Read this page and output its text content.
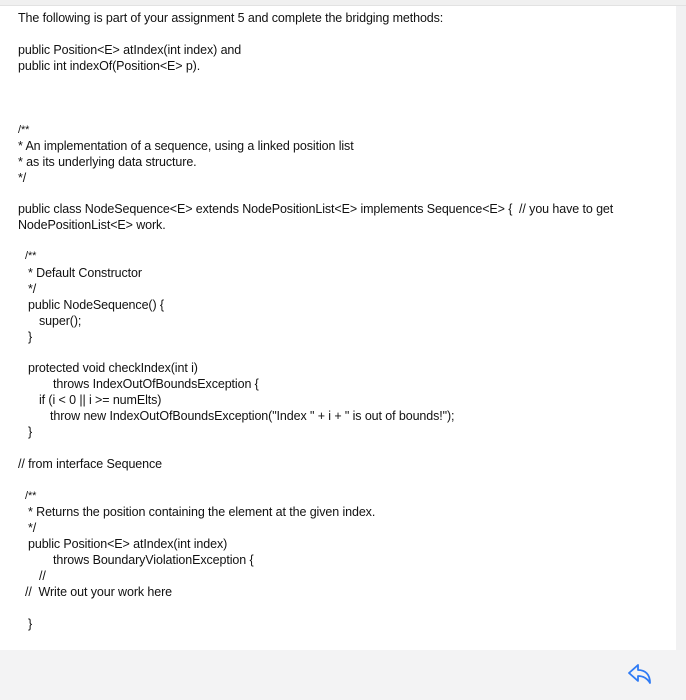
The following is part of your assignment 5 and complete the bridging methods:
public Position<E> atIndex(int index) and
public int indexOf(Position<E> p).
/**
* An implementation of a sequence, using a linked position list
* as its underlying data structure.
*/
public class NodeSequence<E> extends NodePositionList<E> implements Sequence<E> {  // you have to get
NodePositionList<E> work.
/**
* Default Constructor
*/
public NodeSequence() {
super();
}
protected void checkIndex(int i)
throws IndexOutOfBoundsException {
if (i < 0 || i >= numElts)
throw new IndexOutOfBoundsException("Index " + i + " is out of bounds!");
}
// from interface Sequence
/**
* Returns the position containing the element at the given index.
*/
public Position<E> atIndex(int index)
throws BoundaryViolationException {
//
//  Write out your work here
}
